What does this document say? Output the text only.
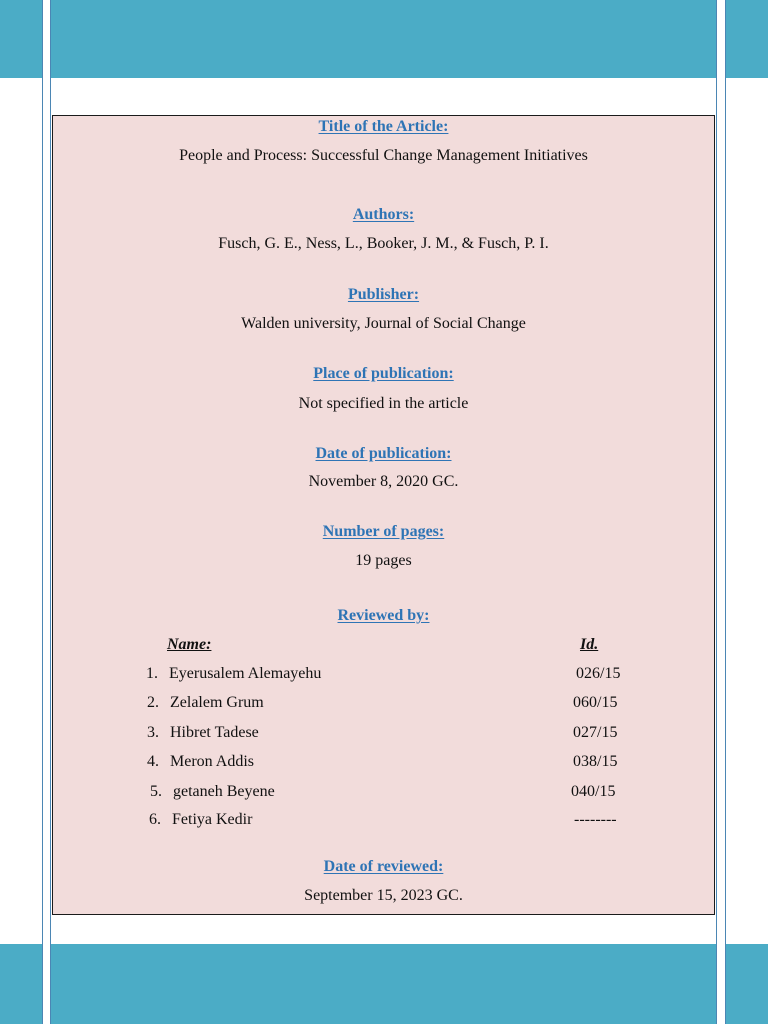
Title of the Article:
People and Process: Successful Change Management Initiatives
Authors:
Fusch, G. E., Ness, L., Booker, J. M., & Fusch, P. I.
Publisher:
Walden university, Journal of Social Change
Place of publication:
Not specified in the article
Date of publication:
November 8, 2020 GC.
Number of pages:
19 pages
Reviewed by:
Name:	Id.
1. Eyerusalem Alemayehu	026/15
2. Zelalem Grum	060/15
3. Hibret Tadese	027/15
4. Meron Addis	038/15
5. getaneh Beyene	040/15
6. Fetiya Kedir	--------
Date of reviewed:
September 15, 2023 GC.
